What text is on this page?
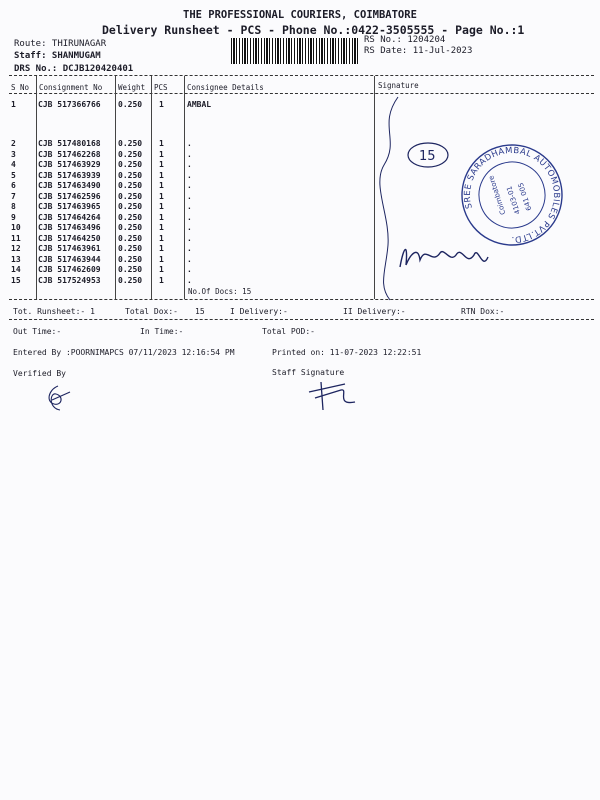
THE PROFESSIONAL COURIERS, COIMBATORE
Delivery Runsheet - PCS - Phone No.:0422-3505555 - Page No.:1
Route: THIRUNAGAR
Staff: SHANMUGAM
DRS No.: DCJB120420401
RS No.: 1204204
RS Date: 11-Jul-2023
S No Consignment No Weight PCS	Consignee Details	Signature
1	CJB 517366766 0.250 1	AMBAL
2	CJB 517480168 0.250 1	.
3	CJB 517462268 0.250 1	.
4	CJB 517463929 0.250 1	.
5	CJB 517463939 0.250 1	.
6	CJB 517463490 0.250 1	.
7	CJB 517462596 0.250 1	.
8	CJB 517463965 0.250 1	.
9	CJB 517464264 0.250 1	.
10 CJB 517463496 0.250 1	.
11 CJB 517464250 0.250 1	.
12 CJB 517463961 0.250 1	.
13 CJB 517463944 0.250 1	.
14 CJB 517462609 0.250 1	.
15 CJB 517524953 0.250 1	.
No.Of Docs: 15
15
SREE SARADHAMBAL AUTOMOBILES PVT.LTD.
Coimbatore
4103-01
641 005
Tot. Runsheet:- 1	Total Dox:- 15	I Delivery:-	II Delivery:-	RTN Dox:-
Out Time:-	In Time:-	Total POD:-
Entered By :POORNIMAPCS 07/11/2023 12:16:54 PM	Printed on: 11-07-2023 12:22:51
Verified By	Staff Signature
